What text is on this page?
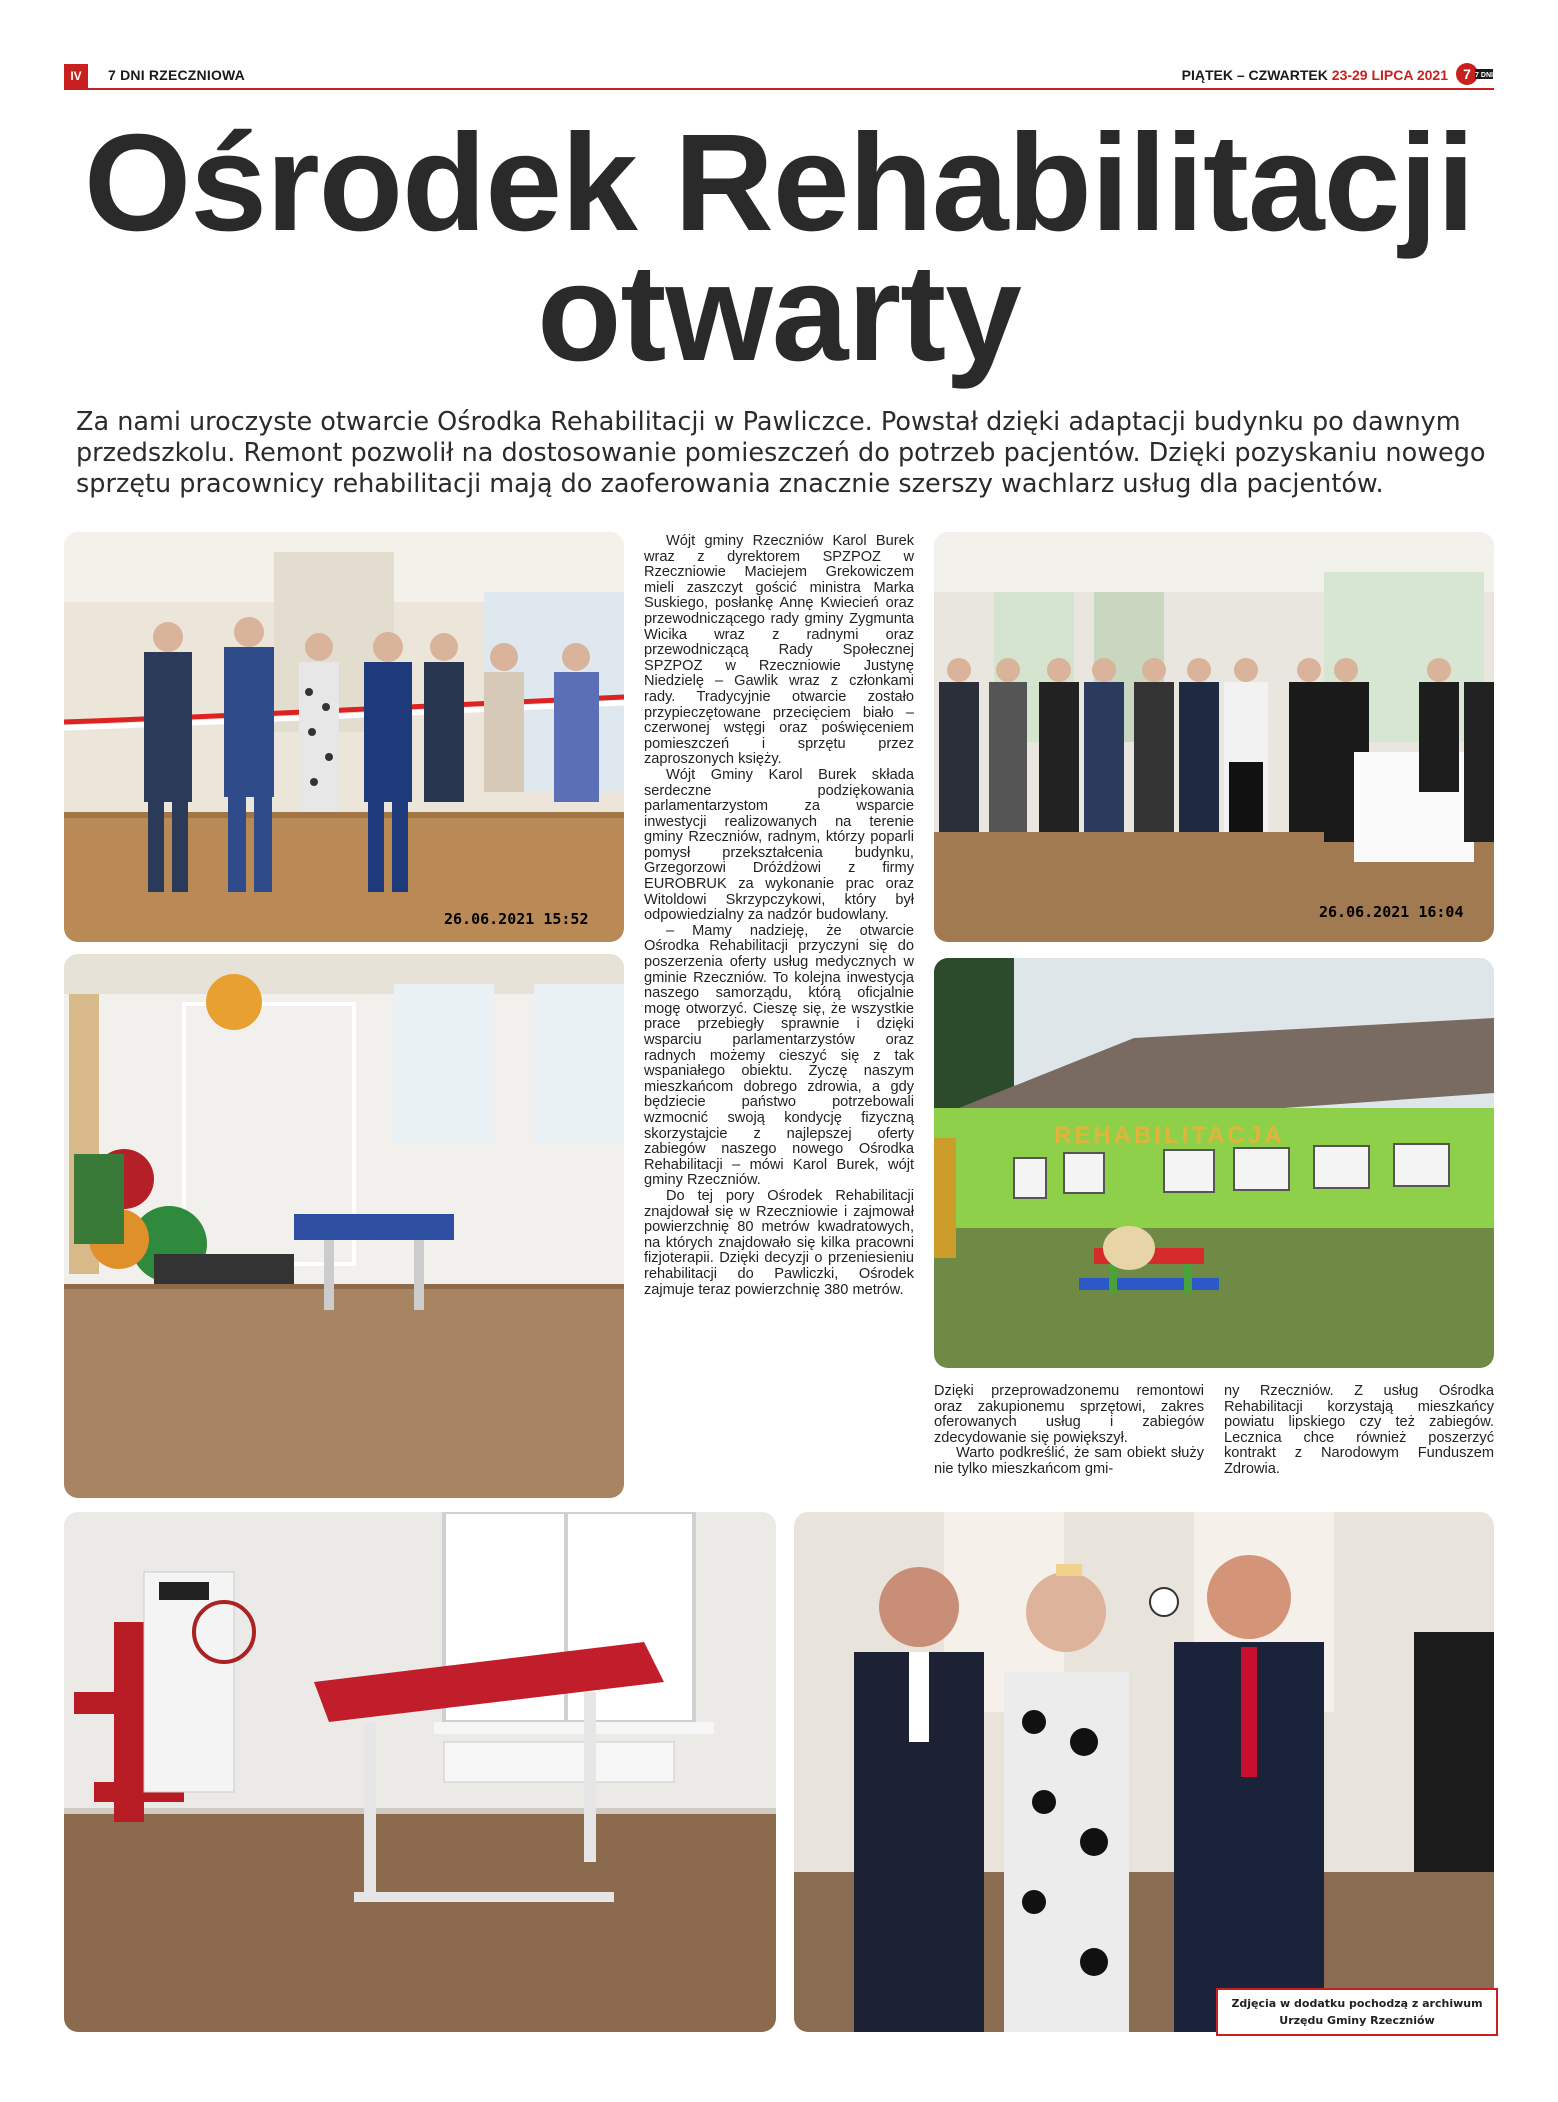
IV	7 DNI RZECZNIOWA	PIĄTEK – CZWARTEK 23-29 LIPCA 2021 7 7 DNI
Ośrodek Rehabilitacji
otwarty
Za nami uroczyste otwarcie Ośrodka Rehabilitacji w Pawliczce. Powstał dzięki adaptacji budynku po dawnym
przedszkolu. Remont pozwolił na dostosowanie pomieszczeń do potrzeb pacjentów. Dzięki pozyskaniu nowego
sprzętu pracownicy rehabilitacji mają do zaoferowania znacznie szerszy wachlarz usług dla pacjentów.
26.06.2021 15:52	26.06.2021 16:04
REHABILITACJA
Zdjęcia w dodatku pochodzą z archiwum
Urzędu Gminy Rzeczniów

Wójt gminy Rzeczniów Karol Burek wraz z dyrektorem SPZPOZ w Rzeczniowie Maciejem Grekowiczem mieli zaszczyt gościć ministra Marka Suskiego, posłankę Annę Kwiecień oraz przewodniczącego rady gminy Zygmunta Wicika wraz z radnymi oraz przewodniczącą Rady Społecznej SPZPOZ w Rzeczniowie Justynę Niedzielę – Gawlik wraz z członkami rady. Tradycyjnie otwarcie zostało przypieczętowane przecięciem biało – czerwonej wstęgi oraz poświęceniem pomieszczeń i sprzętu przez zaproszonych księży.

Wójt Gminy Karol Burek składa serdeczne podziękowania parlamentarzystom za wsparcie inwestycji realizowanych na terenie gminy Rzeczniów, radnym, którzy poparli pomysł przekształcenia budynku, Grzegorzowi Dróżdżowi z firmy EUROBRUK za wykonanie prac oraz Witoldowi Skrzypczykowi, który był odpowiedzialny za nadzór budowlany.

– Mamy nadzieję, że otwarcie Ośrodka Rehabilitacji przyczyni się do poszerzenia oferty usług medycznych w gminie Rzeczniów. To kolejna inwestycja naszego samorządu, którą oficjalnie mogę otworzyć. Cieszę się, że wszystkie prace przebiegły sprawnie i dzięki wsparciu parlamentarzystów oraz radnych możemy cieszyć się z tak wspaniałego obiektu. Życzę naszym mieszkańcom dobrego zdrowia, a gdy będziecie państwo potrzebowali wzmocnić swoją kondycję fizyczną skorzystajcie z najlepszej oferty zabiegów naszego nowego Ośrodka Rehabilitacji – mówi Karol Burek, wójt gminy Rzeczniów.

Do tej pory Ośrodek Rehabilitacji znajdował się w Rzeczniowie i zajmował powierzchnię 80 metrów kwadratowych, na których znajdowało się kilka pracowni fizjoterapii. Dzięki decyzji o przeniesieniu rehabilitacji do Pawliczki, Ośrodek zajmuje teraz powierzchnię 380 metrów.

Dzięki przeprowadzonemu remontowi oraz zakupionemu sprzętowi, zakres oferowanych usług i zabiegów zdecydowanie się powiększył.

Warto podkreślić, że sam obiekt służy nie tylko mieszkańcom gmi-

ny Rzeczniów. Z usług Ośrodka Rehabilitacji korzystają mieszkańcy powiatu lipskiego czy też zabiegów. Lecznica chce również poszerzyć kontrakt z Narodowym Funduszem Zdrowia.
